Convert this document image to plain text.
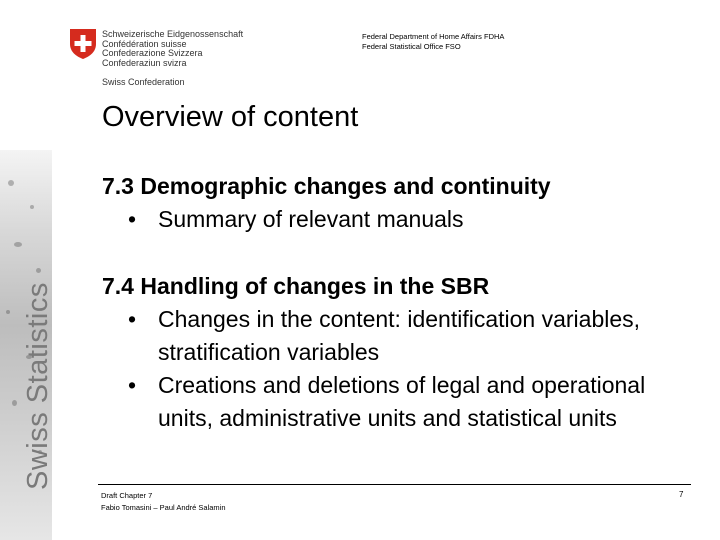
Swiss Statistics
Schweizerische Eidgenossenschaft
Confédération suisse
Confederazione Svizzera
Confederaziun svizra
Swiss Confederation
Federal Department of Home Affairs FDHA
Federal Statistical Office FSO
Overview of content
7.3 Demographic changes and continuity
• Summary of relevant manuals
7.4 Handling of changes in the SBR
• Changes in the content: identification variables, stratification variables
• Creations and deletions of legal and operational units, administrative units and statistical units
Draft Chapter 7
Fabio Tomasini – Paul André Salamin
7
